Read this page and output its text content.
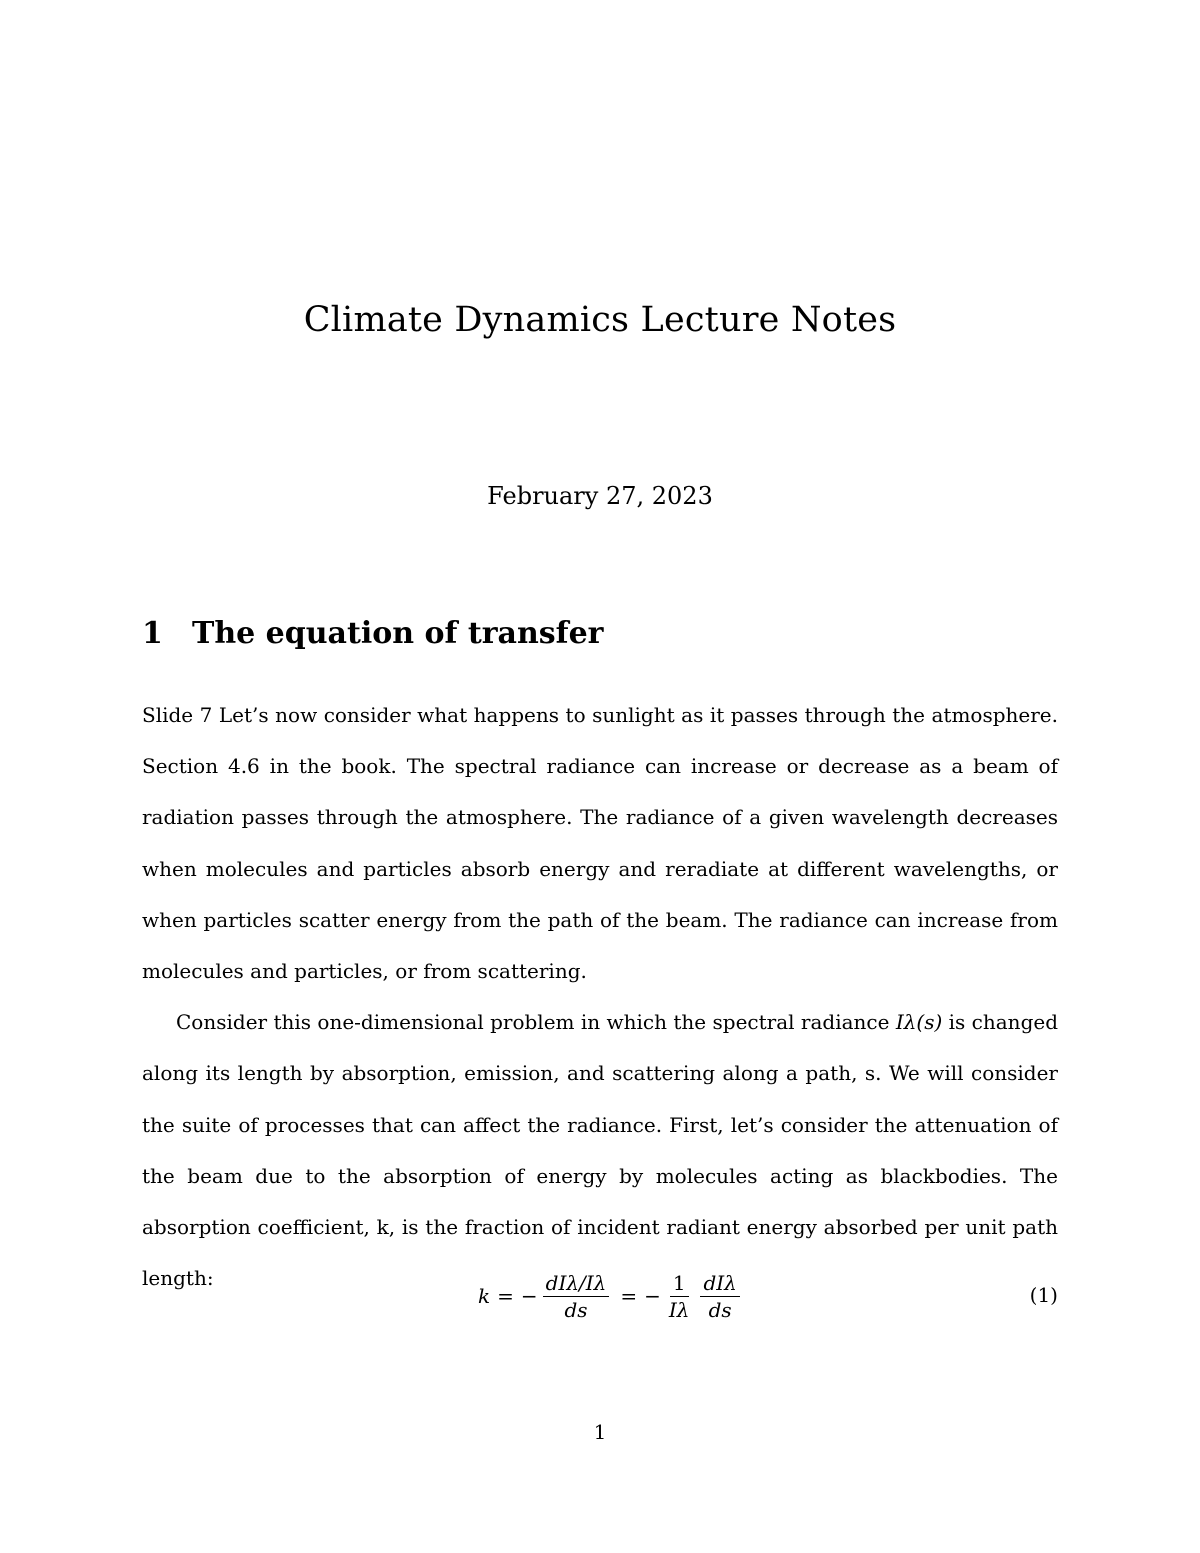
Climate Dynamics Lecture Notes
February 27, 2023
1 The equation of transfer

Slide 7 Let’s now consider what happens to sunlight as it passes through the atmosphere. Section 4.6 in the book. The spectral radiance can increase or decrease as a beam of radiation passes through the atmosphere. The radiance of a given wavelength decreases when molecules and particles absorb energy and reradiate at different wavelengths, or when particles scatter energy from the path of the beam. The radiance can increase from molecules and particles, or from scattering.

Consider this one-dimensional problem in which the spectral radiance Iλ(s) is changed along its length by absorption, emission, and scattering along a path, s. We will consider the suite of processes that can affect the radiance. First, let’s consider the attenuation of the beam due to the absorption of energy by molecules acting as blackbodies. The absorption coefficient, k, is the fraction of incident radiant energy absorbed per unit path length:

k = − $\frac{\text{dIλ/Iλ}}{ds}$ = − $\frac{1}{I\lambda} \frac{\text{dIλ}}{ds}$	(1)
1
